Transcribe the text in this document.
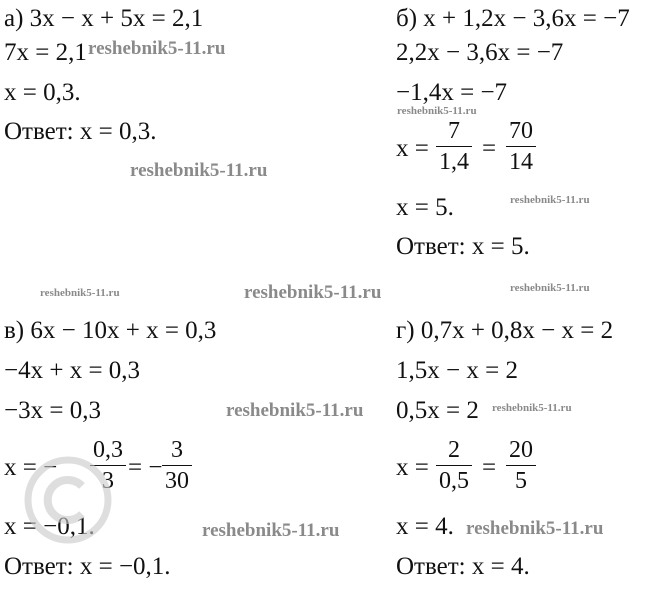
а) 3x − x + 5x = 2,1
7x = 2,1
x = 0,3.
Ответ: x = 0,3.
б) x + 1,2x − 3,6x = −7
2,2x − 3,6x = −7
−1,4x = −7
x =
7
1,4 =
70
14
x = 5.
Ответ: x = 5.
в) 6x − 10x + x = 0,3
−4x + x = 0,3
−3x = 0,3
x = −
0,3
3 = −
3
30
x = −0,1.
Ответ: x = −0,1.
г) 0,7x + 0,8x − x = 2
1,5x − x = 2
0,5x = 2
x =
2
0,5 =
20
5
x = 4.
Ответ: x = 4.
reshebnik5-11.ru
reshebnik5-11.ru
reshebnik5-11.ru
reshebnik5-11.ru
reshebnik5-11.ru	reshebnik5-11.ru	reshebnik5-11.ru
reshebnik5-11.ru	reshebnik5-11.ru
reshebnik5-11.ru	reshebnik5-11.ru
